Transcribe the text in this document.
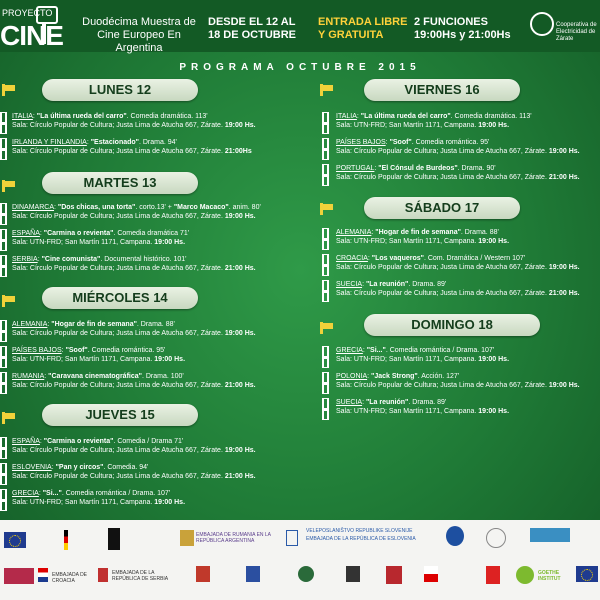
PROYECTO
CINE	Duodécima Muestra de Cine Europeo En Argentina
DESDE EL 12 AL 18 DE OCTUBRE
ENTRADA LIBRE Y GRATUITA
2 FUNCIONES
19:00Hs y 21:00Hs
Cooperativa de Electricidad de Zárate
PROGRAMA OCTUBRE 2015
LUNES 12
ITALIA: "La última rueda del carro". Comedia dramática. 113'
Sala: Círculo Popular de Cultura; Justa Lima de Atucha 667, Zárate. 19:00 Hs.
IRLANDA Y FINLANDIA: "Estacionado". Drama. 94'
Sala: Círculo Popular de Cultura; Justa Lima de Atucha 667, Zárate. 21:00Hs
MARTES 13
DINAMARCA: "Dos chicas, una torta". corto.13' + "Marco Macaco". anim. 80'
Sala: Círculo Popular de Cultura; Justa Lima de Atucha 667, Zárate. 19:00 Hs.
ESPAÑA: "Carmina o revienta". Comedia dramática 71'
Sala: UTN-FRD; San Martín 1171, Campana. 19:00 Hs.
SERBIA: "Cine comunista". Documental histórico. 101'
Sala: Círculo Popular de Cultura; Justa Lima de Atucha 667, Zárate. 21:00 Hs.
MIÉRCOLES 14
ALEMANIA: "Hogar de fin de semana". Drama. 88'
Sala: Círculo Popular de Cultura; Justa Lima de Atucha 667, Zárate. 19:00 Hs.
PAÍSES BAJOS: "Soof". Comedia romántica. 95'
Sala: UTN-FRD; San Martín 1171, Campana. 19:00 Hs.
RUMANIA: "Caravana cinematográfica". Drama. 100'
Sala: Círculo Popular de Cultura; Justa Lima de Atucha 667, Zárate. 21:00 Hs.
JUEVES 15
ESPAÑA: "Carmina o revienta". Comedia / Drama 71'
Sala: Círculo Popular de Cultura; Justa Lima de Atucha 667, Zárate. 19:00 Hs.
ESLOVENIA: "Pan y circos". Comedia. 94'
Sala: Círculo Popular de Cultura; Justa Lima de Atucha 667, Zárate. 21:00 Hs.
GRECIA: "Si...". Comedia romántica / Drama. 107'
Sala: UTN-FRD; San Martín 1171, Campana. 19:00 Hs.
VIERNES 16
ITALIA: "La última rueda del carro". Comedia dramática. 113'
Sala: UTN-FRD; San Martín 1171, Campana. 19:00 Hs.
PAÍSES BAJOS: "Soof". Comedia romántica. 95'
Sala: Círculo Popular de Cultura; Justa Lima de Atucha 667, Zárate. 19:00 Hs.
PORTUGAL: "El Cónsul de Burdeos". Drama. 90'
Sala: Círculo Popular de Cultura; Justa Lima de Atucha 667, Zárate. 21:00 Hs.
SÁBADO 17
ALEMANIA: "Hogar de fin de semana". Drama. 88'
Sala: UTN-FRD; San Martín 1171, Campana. 19:00 Hs.
CROACIA: "Los vaqueros". Com. Dramática / Western 107'
Sala: Círculo Popular de Cultura; Justa Lima de Atucha 667, Zárate. 19:00 Hs.
SUECIA: "La reunión". Drama. 89'
Sala: Círculo Popular de Cultura; Justa Lima de Atucha 667, Zárate. 21:00 Hs.
DOMINGO 18
GRECIA: "Si...". Comedia romántica / Drama. 107'
Sala: UTN-FRD; San Martín 1171, Campana. 19:00 Hs.
POLONIA: "Jack Strong". Acción. 127'
Sala: Círculo Popular de Cultura; Justa Lima de Atucha 667, Zárate. 19:00 Hs.
SUECIA: "La reunión". Drama. 89'
Sala: UTN-FRD; San Martín 1171, Campana. 19:00 Hs.
EMBAJADA DE RUMANIA EN LA REPÚBLICA ARGENTINA
VELEPOSLANIŠTVO REPUBLIKE SLOVENIJE
EMBAJADA DE LA REPÚBLICA DE ESLOVENIA
EMBAJADA DE CROACIA
EMBAJADA DE LA REPÚBLICA DE SERBIA
GOETHE INSTITUT
